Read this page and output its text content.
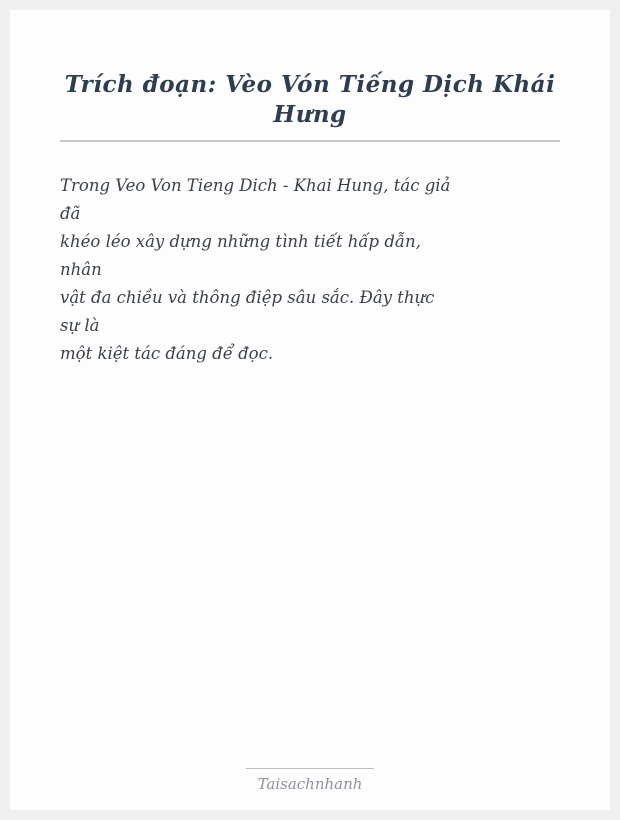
Trích đoạn: Vèo Vón Tiếng Dịch Khái Hưng
Trong Veo Von Tieng Dich - Khai Hung, tác giả
đã
khéo léo xây dựng những tình tiết hấp dẫn,
nhân
vật đa chiều và thông điệp sâu sắc. Đây thực
sự là
một kiệt tác đáng để đọc.
Taisachnhanh
